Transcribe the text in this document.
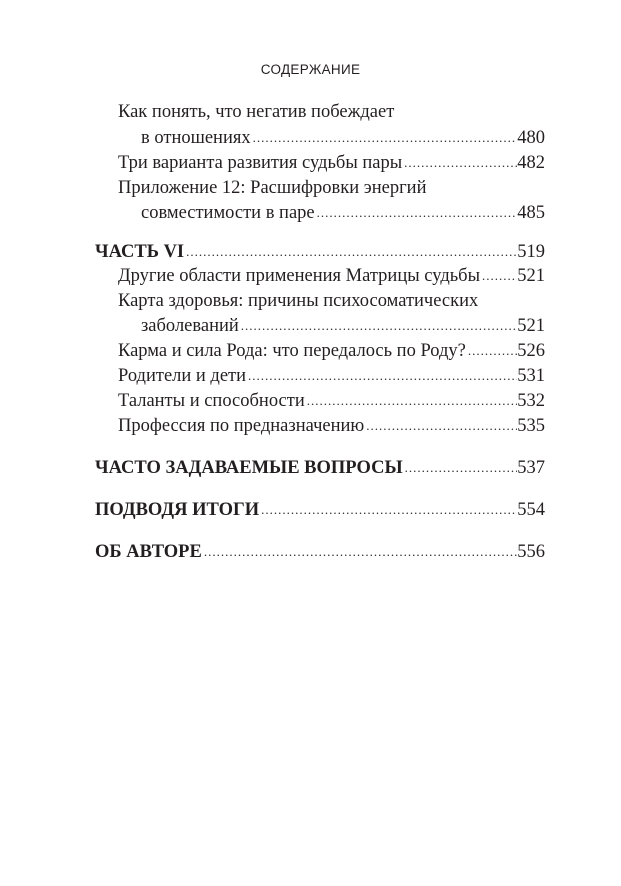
СОДЕРЖАНИЕ
Как понять, что негатив побеждает
в отношениях .....	480
Три варианта развития судьбы пары .....	482
Приложение 12: Расшифровки энергий
совместимости в паре .....	485
ЧАСТЬ VI .....	519
Другие области применения Матрицы судьбы ..... 521
Карта здоровья: причины психосоматических
заболеваний .....	521
Карма и сила Рода: что передалось по Роду? .....	526
Родители и дети .....	531
Таланты и способности .....	532
Профессия по предназначению .....	535
ЧАСТО ЗАДАВАЕМЫЕ ВОПРОСЫ .....	537
ПОДВОДЯ ИТОГИ .....	554
ОБ АВТОРЕ .....	556
